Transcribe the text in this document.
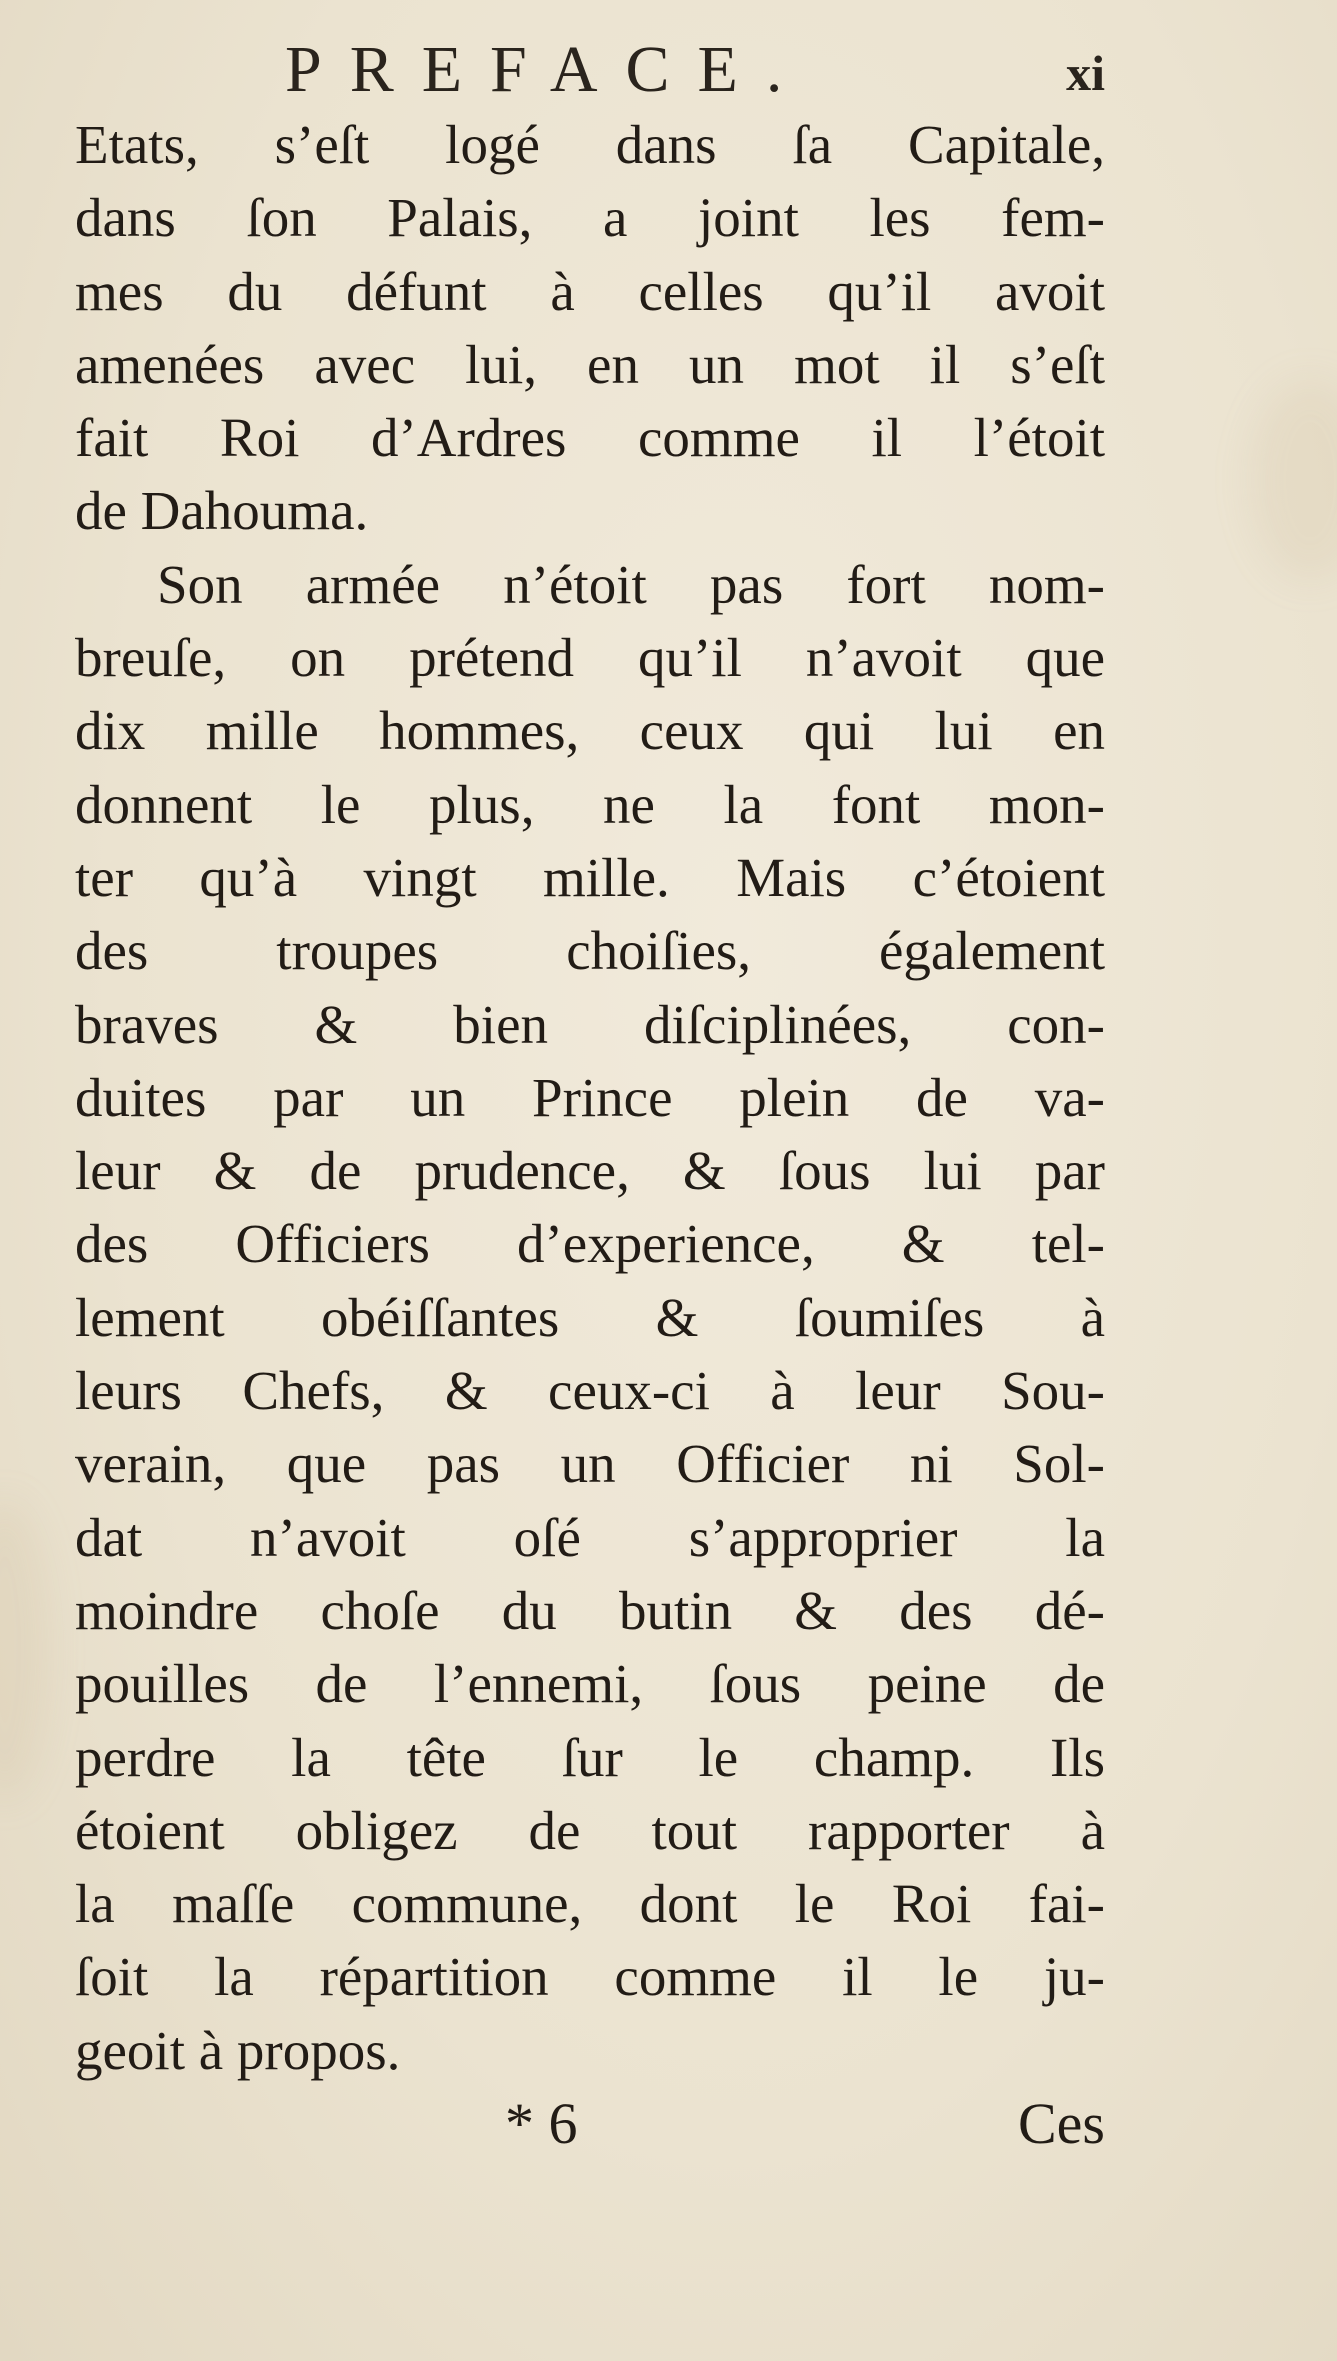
PREFACE.	xi
Etats, s’eſt logé dans ſa Capitale,
dans ſon Palais, a joint les fem-
mes du défunt à celles qu’il avoit
amenées avec lui, en un mot il s’eſt
fait Roi d’Ardres comme il l’étoit
de Dahouma.
Son armée n’étoit pas fort nom-
breuſe, on prétend qu’il n’avoit que
dix mille hommes, ceux qui lui en
donnent le plus, ne la font mon-
ter qu’à vingt mille. Mais c’étoient
des troupes choiſies, également
braves & bien diſciplinées, con-
duites par un Prince plein de va-
leur & de prudence, & ſous lui par
des Officiers d’experience, & tel-
lement obéiſſantes & ſoumiſes à
leurs Chefs, & ceux-ci à leur Sou-
verain, que pas un Officier ni Sol-
dat n’avoit oſé s’approprier la
moindre choſe du butin & des dé-
pouilles de l’ennemi, ſous peine de
perdre la tête ſur le champ. Ils
étoient obligez de tout rapporter à
la maſſe commune, dont le Roi fai-
ſoit la répartition comme il le ju-
geoit à propos.
* 6	Ces
